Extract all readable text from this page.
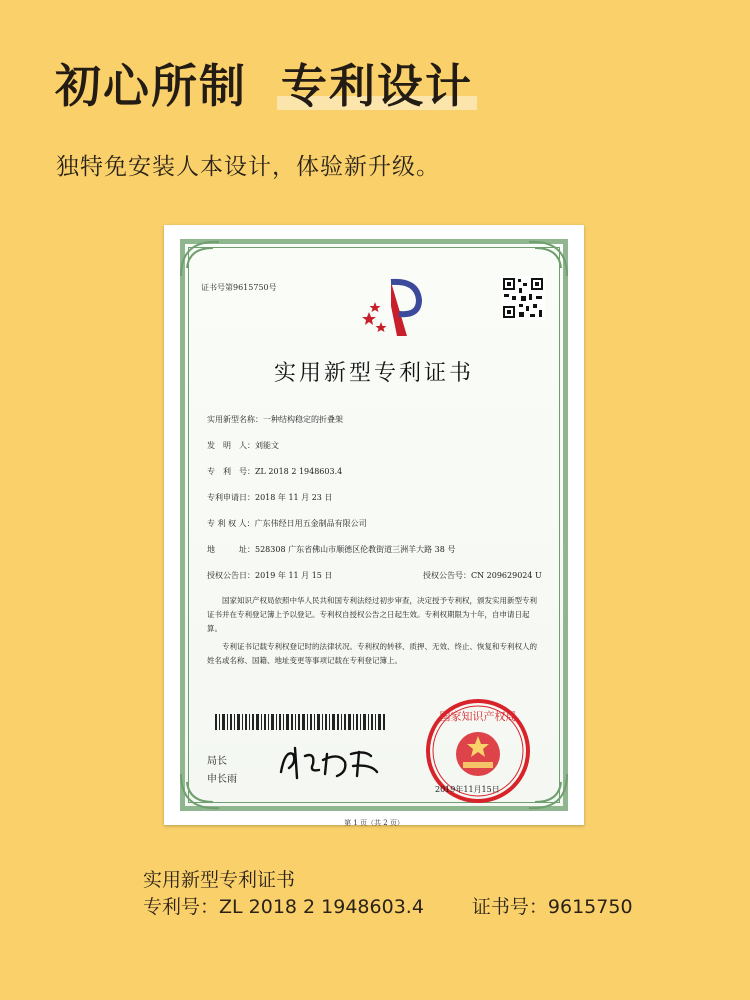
初心所制 专利设计
独特免安装人本设计，体验新升级。
证书号第9615750号
实用新型专利证书
实用新型名称：一种结构稳定的折叠架
发　明　人：刘能文
专　利　号：ZL 2018 2 1948603.4
专利申请日：2018 年 11 月 23 日
专 利 权 人：广东伟经日用五金制品有限公司
地　　　址：528308 广东省佛山市顺德区伦教街道三洲羊大路 38 号
授权公告日：2019 年 11 月 15 日	授权公告号：CN 209629024 U
国家知识产权局依照中华人民共和国专利法经过初步审查，决定授予专利权，颁发实用新型专利证书并在专利登记簿上予以登记。专利权自授权公告之日起生效。专利权期限为十年，自申请日起算。
专利证书记载专利权登记时的法律状况。专利权的转移、质押、无效、终止、恢复和专利权人的姓名或名称、国籍、地址变更等事项记载在专利登记簿上。
局长
申长雨
国家知识产权局
2019年11月15日
第 1 页（共 2 页）
实用新型专利证书
专利号：ZL 2018 2 1948603.4	证书号：9615750
